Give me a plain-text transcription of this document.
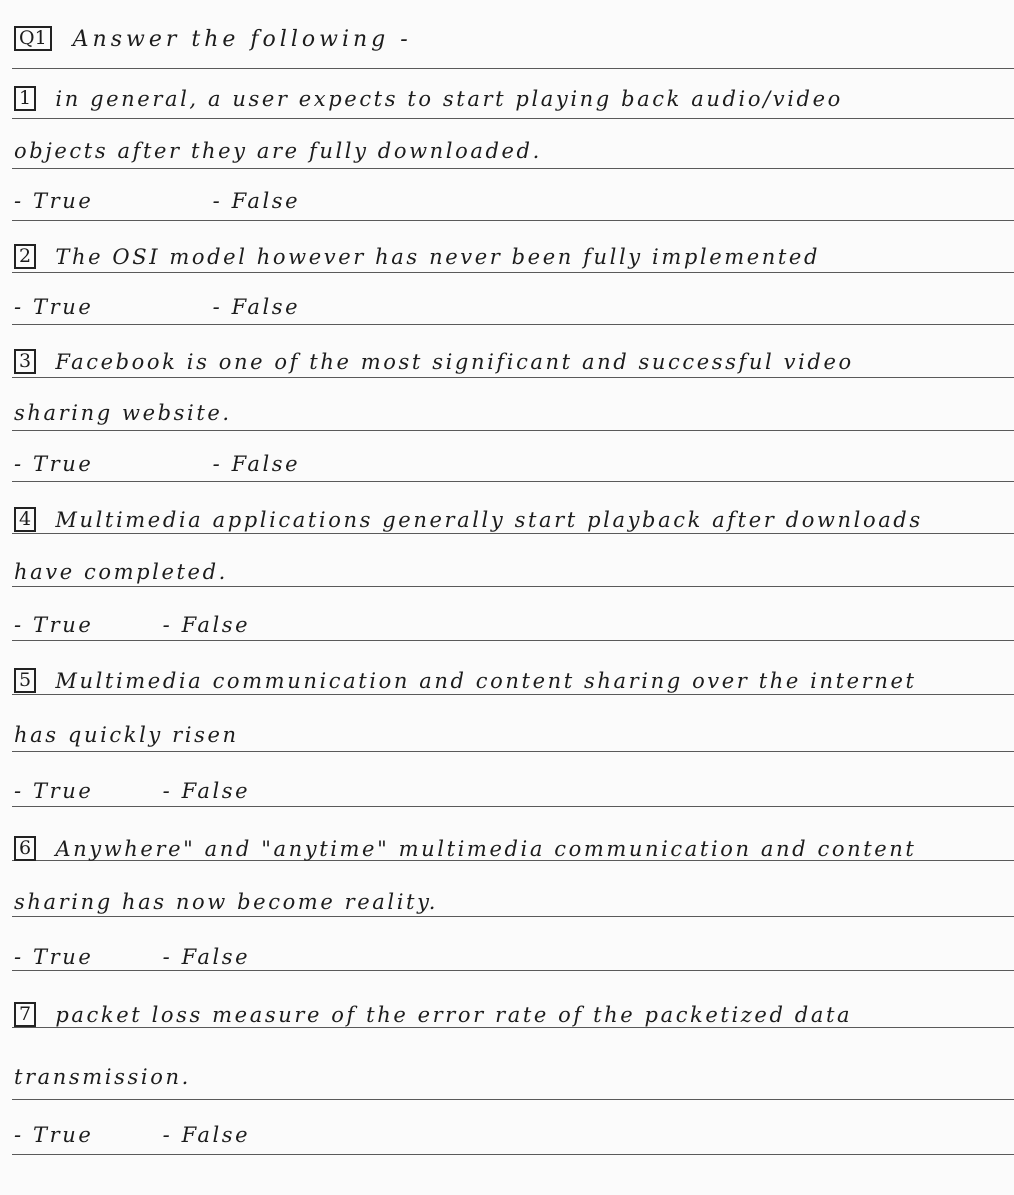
Q1 Answer the following -
1 in general, a user expects to start playing back audio/video
objects after they are fully downloaded.
- True	- False
2 The OSI model however has never been fully implemented
- True	- False
3 Facebook is one of the most significant and successful video
sharing website.
- True	- False
4 Multimedia applications generally start playback after downloads
have completed.
- True	- False
5 Multimedia communication and content sharing over the internet
has quickly risen
- True	- False
6 Anywhere" and "anytime" multimedia communication and content
sharing has now become reality.
- True	- False
7 packet loss measure of the error rate of the packetized data
transmission.
- True	- False
